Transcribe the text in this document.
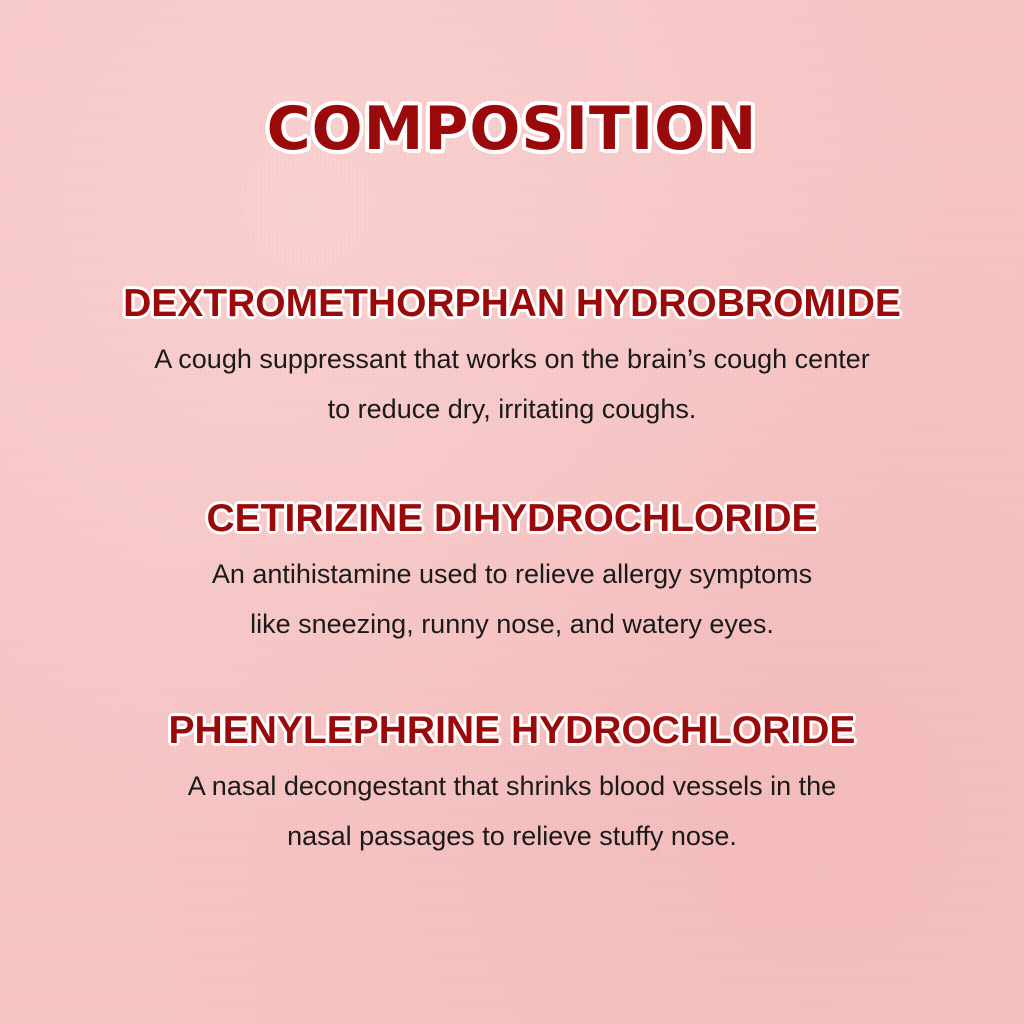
COMPOSITION
DEXTROMETHORPHAN HYDROBROMIDE

A cough suppressant that works on the brain’s cough center
to reduce dry, irritating coughs.

CETIRIZINE DIHYDROCHLORIDE

An antihistamine used to relieve allergy symptoms
like sneezing, runny nose, and watery eyes.

PHENYLEPHRINE HYDROCHLORIDE

A nasal decongestant that shrinks blood vessels in the
nasal passages to relieve stuffy nose.
